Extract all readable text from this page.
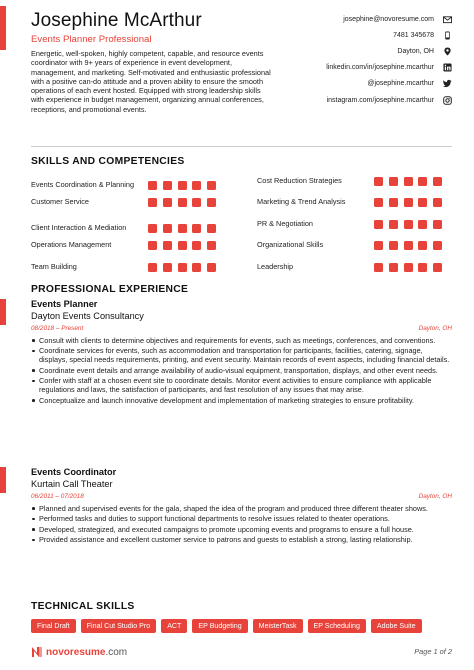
Josephine McArthur
Events Planner Professional
Energetic, well-spoken, highly competent, capable, and resource events coordinator with 9+ years of experience in event development, management, and marketing. Self-motivated and enthusiastic professional with a positive can-do attitude and a proven ability to ensure the smooth operations of each event hosted. Equipped with strong leadership skills with experience in budget management, organizing annual conferences, receptions, and promotional events.
josephine@novoresume.com
7481 345678
Dayton, OH
linkedin.com/in/josephine.mcarthur
@josephine.mcarthur
instagram.com/josephine.mcarthur
SKILLS AND COMPETENCIES
Events Coordination & Planning	Cost Reduction Strategies
Customer Service	Marketing & Trend Analysis
Client Interaction & Mediation	PR & Negotiation
Operations Management	Organizational Skills
Team Building	Leadership
PROFESSIONAL EXPERIENCE
Events Planner
Dayton Events Consultancy
08/2018 – Present	Dayton, OH
Consult with clients to determine objectives and requirements for events, such as meetings, conferences, and conventions.
Coordinate services for events, such as accommodation and transportation for participants, facilities, catering, signage, displays, special needs requirements, printing, and event security. Maintain records of event aspects, including financial details.
Coordinate event details and arrange availability of audio-visual equipment, transportation, displays, and other event needs.
Confer with staff at a chosen event site to coordinate details. Monitor event activities to ensure compliance with applicable regulations and laws, the satisfaction of participants, and fast resolution of any issues that may arise.
Conceptualize and launch innovative development and implementation of marketing strategies to ensure profitability.
Events Coordinator
Kurtain Call Theater
06/2011 – 07/2018	Dayton, OH
Planned and supervised events for the gala, shaped the idea of the program and produced three different theater shows.
Performed tasks and duties to support functional departments to resolve issues related to theater operations.
Developed, strategized, and executed campaigns to promote upcoming events and programs to ensure a full house.
Provided assistance and excellent customer service to patrons and guests to establish a strong, lasting relationship.
TECHNICAL SKILLS
Final Draft	Final Cut Studio Pro	ACT	EP Budgeting	MeisterTask	EP Scheduling	Adobe Suite
novoresume.com	Page 1 of 2
